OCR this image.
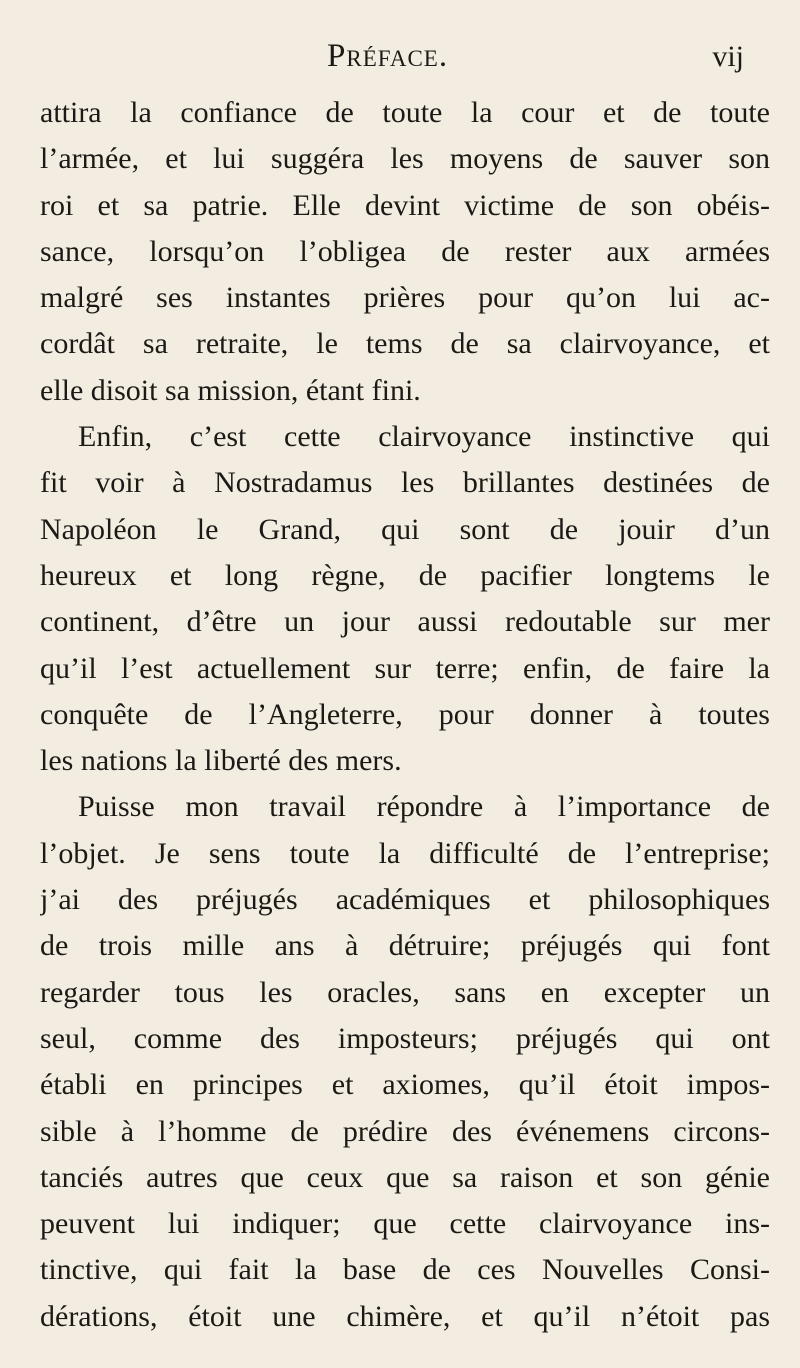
Préface.	vij
attira la confiance de toute la cour et de toute
l’armée, et lui suggéra les moyens de sauver son
roi et sa patrie. Elle devint victime de son obéis-
sance, lorsqu’on l’obligea de rester aux armées
malgré ses instantes prières pour qu’on lui ac-
cordât sa retraite, le tems de sa clairvoyance, et
elle disoit sa mission, étant fini.
Enfin, c’est cette clairvoyance instinctive qui
fit voir à Nostradamus les brillantes destinées de
Napoléon le Grand, qui sont de jouir d’un
heureux et long règne, de pacifier longtems le
continent, d’être un jour aussi redoutable sur mer
qu’il l’est actuellement sur terre; enfin, de faire la
conquête de l’Angleterre, pour donner à toutes
les nations la liberté des mers.
Puisse mon travail répondre à l’importance de
l’objet. Je sens toute la difficulté de l’entreprise;
j’ai des préjugés académiques et philosophiques
de trois mille ans à détruire; préjugés qui font
regarder tous les oracles, sans en excepter un
seul, comme des imposteurs; préjugés qui ont
établi en principes et axiomes, qu’il étoit impos-
sible à l’homme de prédire des événemens circons-
tanciés autres que ceux que sa raison et son génie
peuvent lui indiquer; que cette clairvoyance ins-
tinctive, qui fait la base de ces Nouvelles Consi-
dérations, étoit une chimère, et qu’il n’étoit pas
